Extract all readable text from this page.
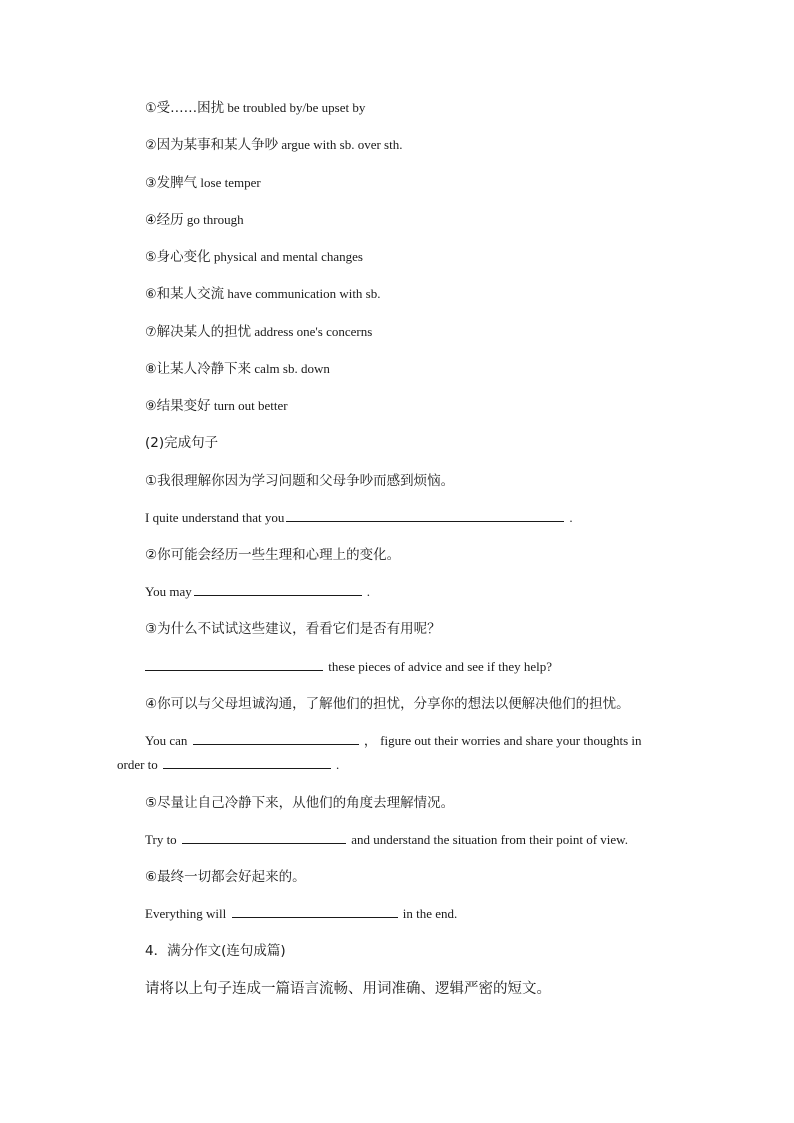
①受……困扰 be troubled by/be upset by
②因为某事和某人争吵 argue with sb. over sth.
③发脾气 lose temper
④经历 go through
⑤身心变化 physical and mental changes
⑥和某人交流 have communication with sb.
⑦解决某人的担忧 address one's concerns
⑧让某人冷静下来 calm sb. down
⑨结果变好 turn out better
(2)完成句子
①我很理解你因为学习问题和父母争吵而感到烦恼。
I quite understand that you	.
②你可能会经历一些生理和心理上的变化。
You may	.
③为什么不试试这些建议，看看它们是否有用呢？
these pieces of advice and see if they help?
④你可以与父母坦诚沟通，了解他们的担忧，分享你的想法以便解决他们的担忧。
You can	， figure out their worries and share your thoughts in
order to	.
⑤尽量让自己冷静下来，从他们的角度去理解情况。
Try to	and understand the situation from their point of view.
⑥最终一切都会好起来的。
Everything will	in the end.
4．满分作文(连句成篇)
请将以上句子连成一篇语言流畅、用词准确、逻辑严密的短文。
